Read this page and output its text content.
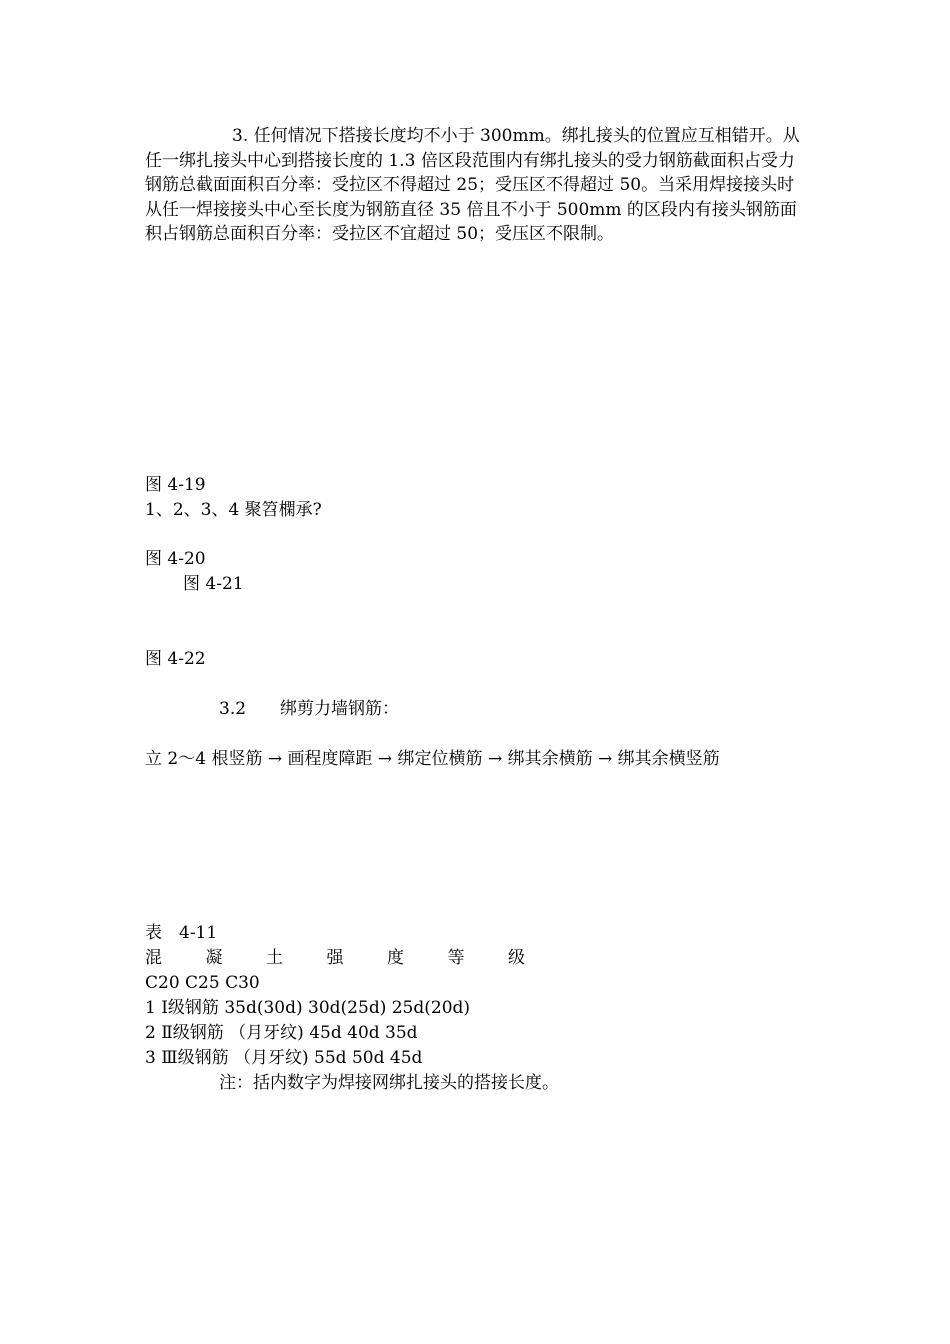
3. 任何情况下搭接长度均不小于 300mm。绑扎接头的位置应互相错开。从任一绑扎接头中心到搭接长度的 1.3 倍区段范围内有绑扎接头的受力钢筋截面积占受力钢筋总截面面积百分率：受拉区不得超过 25；受压区不得超过 50。当采用焊接接头时从任一焊接接头中心至长度为钢筋直径 35 倍且不小于 500mm 的区段内有接头钢筋面积占钢筋总面积百分率：受拉区不宜超过 50；受压区不限制。
图 4-19
1、2、3、4 聚笤㯗承?
图 4-20
图 4-21
图 4-22
3.2　　绑剪力墙钢筋：
立 2～4 根竖筋 → 画程度障距 → 绑定位横筋 → 绑其余横筋 → 绑其余横竖筋
表　4-11
混	凝	土	强	度	等	级
C20 C25 C30
1 Ⅰ级钢筋 35d(30d) 30d(25d) 25d(20d)
2 Ⅱ级钢筋 （月牙纹) 45d 40d 35d
3 Ⅲ级钢筋 （月牙纹) 55d 50d 45d
注：括内数字为焊接网绑扎接头的搭接长度。
